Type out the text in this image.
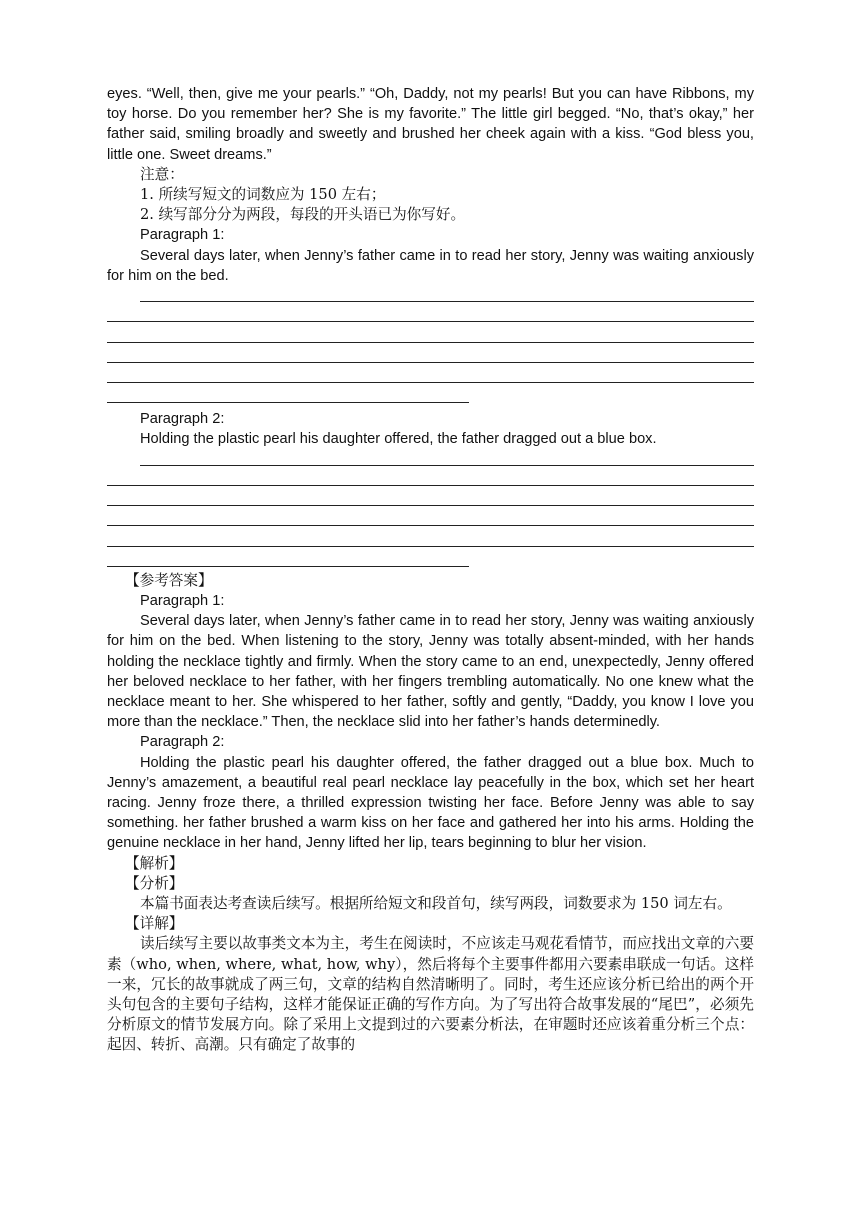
eyes. “Well, then, give me your pearls.” “Oh, Daddy, not my pearls! But you can have Ribbons, my toy horse. Do you remember her? She is my favorite.” The little girl begged. “No, that’s okay,” her father said, smiling broadly and sweetly and brushed her cheek again with a kiss. “God bless you, little one. Sweet dreams.”

注意：

1. 所续写短文的词数应为 150 左右；

2. 续写部分分为两段，每段的开头语已为你写好。

Paragraph 1:

Several days later, when Jenny’s father came in to read her story, Jenny was waiting anxiously for him on the bed.

Paragraph 2:

Holding the plastic pearl his daughter offered, the father dragged out a blue box.

【参考答案】

Paragraph 1:

Several days later, when Jenny’s father came in to read her story, Jenny was waiting anxiously for him on the bed. When listening to the story, Jenny was totally absent-minded, with her hands holding the necklace tightly and firmly. When the story came to an end, unexpectedly, Jenny offered her beloved necklace to her father, with her fingers trembling automatically. No one knew what the necklace meant to her. She whispered to her father, softly and gently, “Daddy, you know I love you more than the necklace.” Then, the necklace slid into her father’s hands determinedly.

Paragraph 2:

Holding the plastic pearl his daughter offered, the father dragged out a blue box. Much to Jenny’s amazement, a beautiful real pearl necklace lay peacefully in the box, which set her heart racing. Jenny froze there, a thrilled expression twisting her face. Before Jenny was able to say something. her father brushed a warm kiss on her face and gathered her into his arms. Holding the genuine necklace in her hand, Jenny lifted her lip, tears beginning to blur her vision.

【解析】

【分析】

本篇书面表达考查读后续写。根据所给短文和段首句，续写两段，词数要求为 150 词左右。

【详解】

读后续写主要以故事类文本为主，考生在阅读时，不应该走马观花看情节，而应找出文章的六要素（who, when, where, what, how, why），然后将每个主要事件都用六要素串联成一句话。这样一来，冗长的故事就成了两三句，文章的结构自然清晰明了。同时，考生还应该分析已给出的两个开头句包含的主要句子结构，这样才能保证正确的写作方向。为了写出符合故事发展的“尾巴”，必须先分析原文的情节发展方向。除了采用上文提到过的六要素分析法，在审题时还应该着重分析三个点：起因、转折、高潮。只有确定了故事的
